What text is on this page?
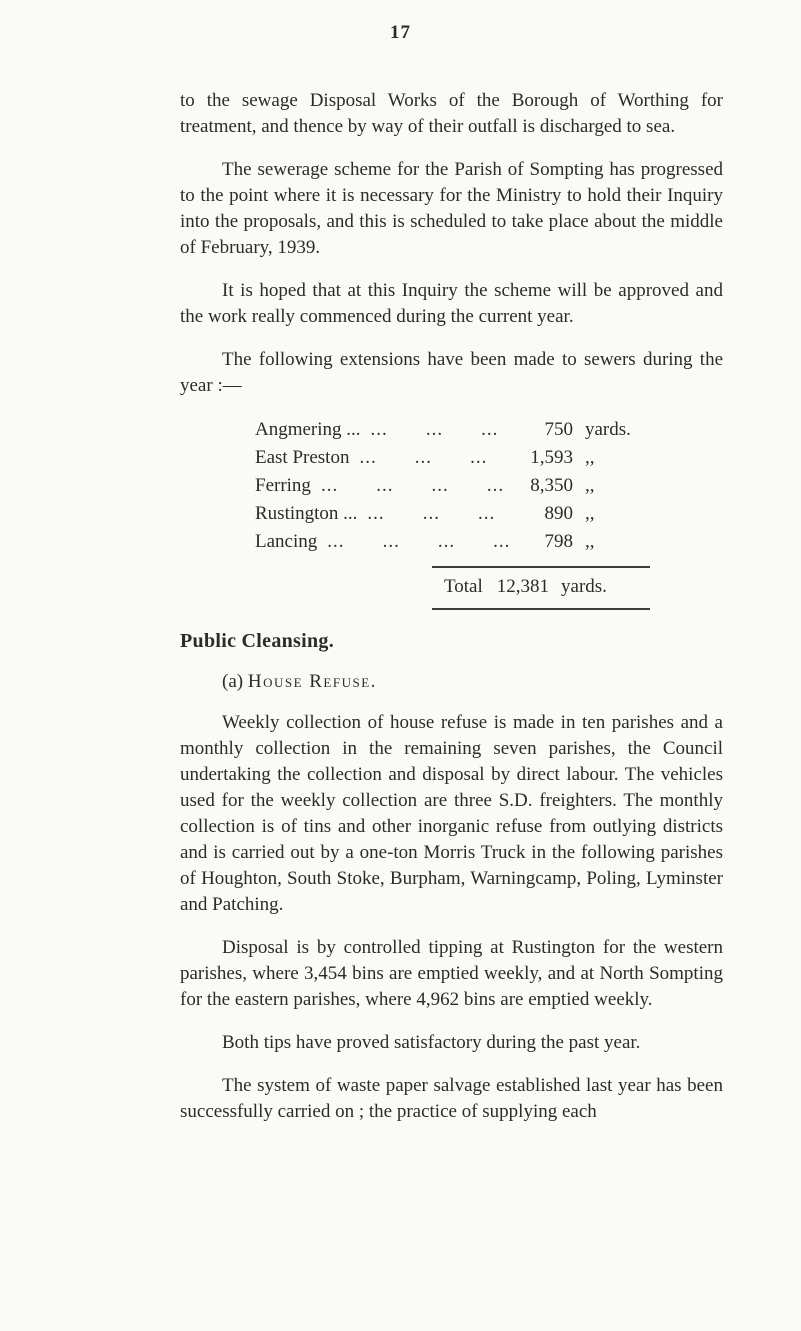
17

to the sewage Disposal Works of the Borough of Worthing for treatment, and thence by way of their outfall is discharged to sea.

The sewerage scheme for the Parish of Sompting has progressed to the point where it is necessary for the Ministry to hold their Inquiry into the proposals, and this is scheduled to take place about the middle of February, 1939.

It is hoped that at this Inquiry the scheme will be approved and the work really commenced during the current year.

The following extensions have been made to sewers during the year :—

Angmering ... ... ... ...	750 yards.
East Preston ... ... ...	1,593 ,,
Ferring ... ... ... ...	8,350 ,,
Rustington ... ... ... ...	890 ,,
Lancing ... ... ... ...	798 ,,
Total 12,381 yards.
Public Cleansing.

(a) House Refuse.

Weekly collection of house refuse is made in ten parishes and a monthly collection in the remaining seven parishes, the Council undertaking the collection and disposal by direct labour. The vehicles used for the weekly collection are three S.D. freighters. The monthly collection is of tins and other inorganic refuse from outlying districts and is carried out by a one-ton Morris Truck in the following parishes of Houghton, South Stoke, Burpham, Warningcamp, Poling, Lyminster and Patching.

Disposal is by controlled tipping at Rustington for the western parishes, where 3,454 bins are emptied weekly, and at North Sompting for the eastern parishes, where 4,962 bins are emptied weekly.

Both tips have proved satisfactory during the past year.

The system of waste paper salvage established last year has been successfully carried on ; the practice of supplying each
